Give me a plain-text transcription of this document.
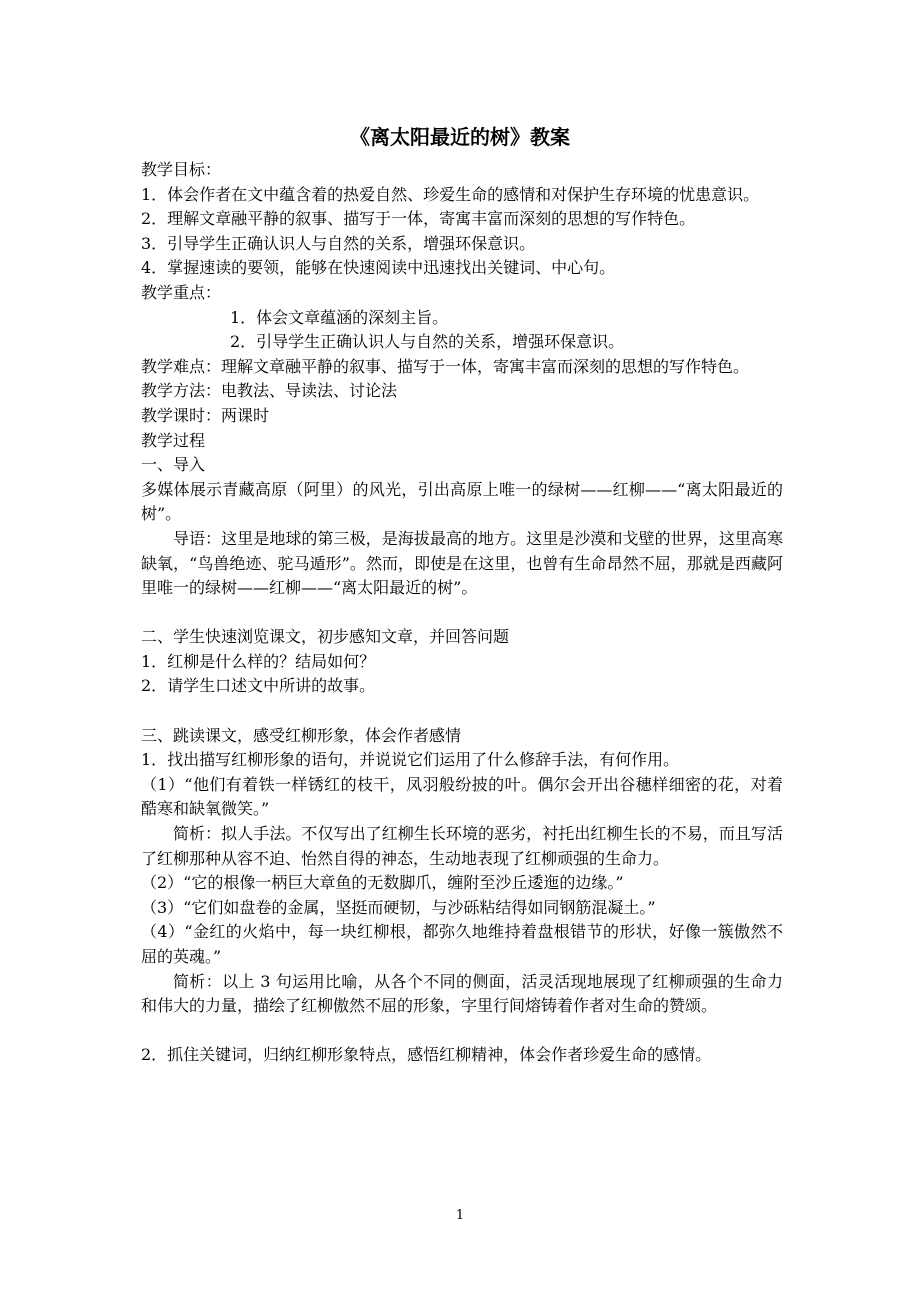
《离太阳最近的树》教案

教学目标：

1．体会作者在文中蕴含着的热爱自然、珍爱生命的感情和对保护生存环境的忧患意识。

2．理解文章融平静的叙事、描写于一体，寄寓丰富而深刻的思想的写作特色。

3．引导学生正确认识人与自然的关系，增强环保意识。

4．掌握速读的要领，能够在快速阅读中迅速找出关键词、中心句。

教学重点：

1．体会文章蕴涵的深刻主旨。

2．引导学生正确认识人与自然的关系，增强环保意识。

教学难点：理解文章融平静的叙事、描写于一体，寄寓丰富而深刻的思想的写作特色。

教学方法：电教法、导读法、讨论法

教学课时：两课时

教学过程

一、导入

多媒体展示青藏高原（阿里）的风光，引出高原上唯一的绿树——红柳——“离太阳最近的树”。

导语：这里是地球的第三极，是海拔最高的地方。这里是沙漠和戈壁的世界，这里高寒缺氧，“鸟兽绝迹、驼马遁形”。然而，即使是在这里，也曾有生命昂然不屈，那就是西藏阿里唯一的绿树——红柳——“离太阳最近的树”。

二、学生快速浏览课文，初步感知文章，并回答问题

1．红柳是什么样的？结局如何？

2．请学生口述文中所讲的故事。

三、跳读课文，感受红柳形象，体会作者感情

1．找出描写红柳形象的语句，并说说它们运用了什么修辞手法，有何作用。

（1）“他们有着铁一样锈红的枝干，凤羽般纷披的叶。偶尔会开出谷穗样细密的花，对着酷寒和缺氧微笑。”

简析：拟人手法。不仅写出了红柳生长环境的恶劣，衬托出红柳生长的不易，而且写活了红柳那种从容不迫、怡然自得的神态，生动地表现了红柳顽强的生命力。

（2）“它的根像一柄巨大章鱼的无数脚爪，缠附至沙丘逶迤的边缘。”

（3）“它们如盘卷的金属，坚挺而硬韧，与沙砾粘结得如同钢筋混凝土。”

（4）“金红的火焰中，每一块红柳根，都弥久地维持着盘根错节的形状，好像一簇傲然不屈的英魂。”

简析：以上 3 句运用比喻，从各个不同的侧面，活灵活现地展现了红柳顽强的生命力和伟大的力量，描绘了红柳傲然不屈的形象，字里行间熔铸着作者对生命的赞颂。

2．抓住关键词，归纳红柳形象特点，感悟红柳精神，体会作者珍爱生命的感情。

1
